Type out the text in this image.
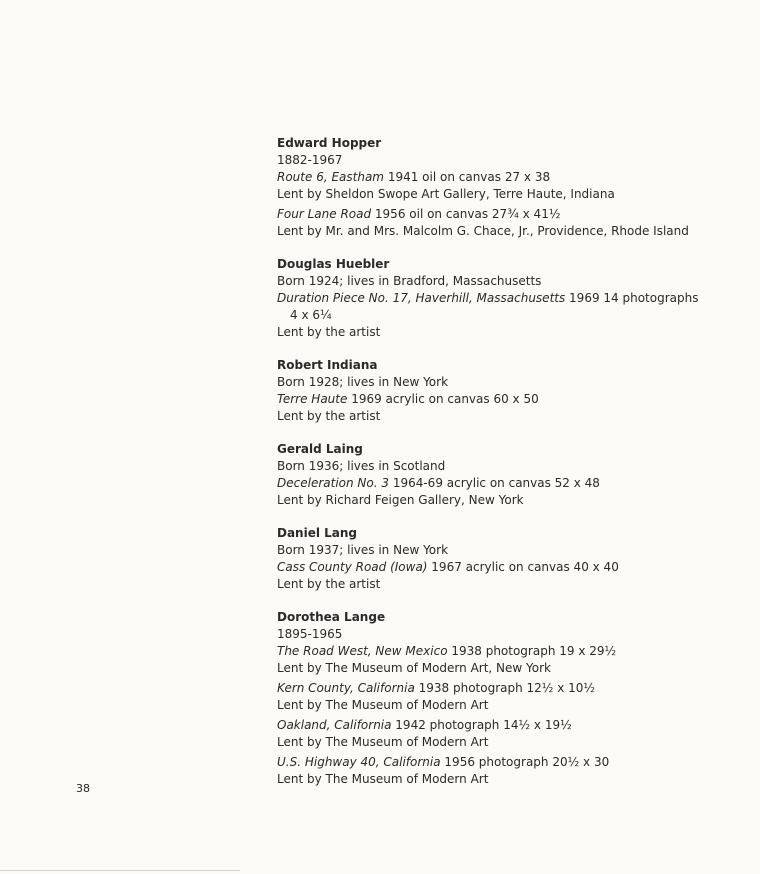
Edward Hopper
1882-1967
Route 6, Eastham 1941 oil on canvas 27 x 38
Lent by Sheldon Swope Art Gallery, Terre Haute, Indiana
Four Lane Road 1956 oil on canvas 27¾ x 41½
Lent by Mr. and Mrs. Malcolm G. Chace, Jr., Providence, Rhode Island
Douglas Huebler
Born 1924; lives in Bradford, Massachusetts
Duration Piece No. 17, Haverhill, Massachusetts 1969 14 photographs
4 x 6¼
Lent by the artist
Robert Indiana
Born 1928; lives in New York
Terre Haute 1969 acrylic on canvas 60 x 50
Lent by the artist
Gerald Laing
Born 1936; lives in Scotland
Deceleration No. 3 1964-69 acrylic on canvas 52 x 48
Lent by Richard Feigen Gallery, New York
Daniel Lang
Born 1937; lives in New York
Cass County Road (Iowa) 1967 acrylic on canvas 40 x 40
Lent by the artist
Dorothea Lange
1895-1965
The Road West, New Mexico 1938 photograph 19 x 29½
Lent by The Museum of Modern Art, New York
Kern County, California 1938 photograph 12½ x 10½
Lent by The Museum of Modern Art
Oakland, California 1942 photograph 14½ x 19½
Lent by The Museum of Modern Art
U.S. Highway 40, California 1956 photograph 20½ x 30
Lent by The Museum of Modern Art
38
